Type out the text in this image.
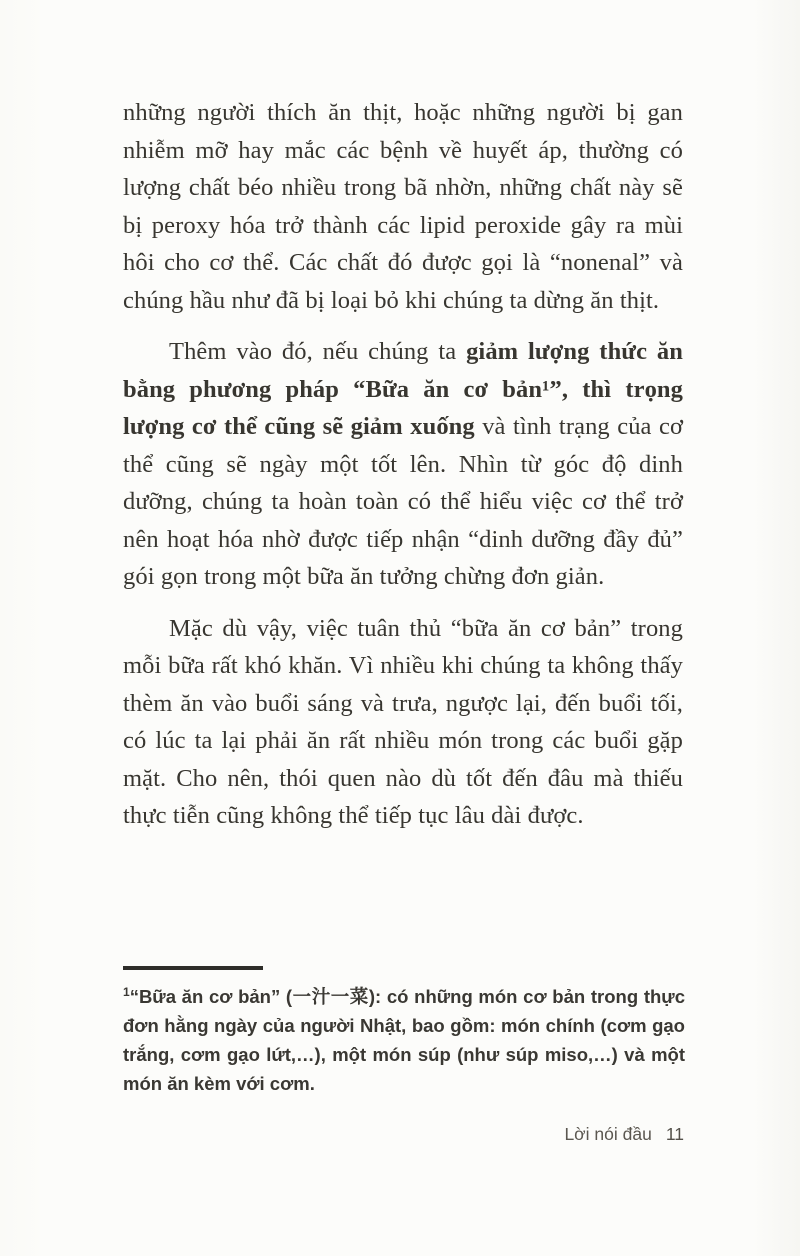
những người thích ăn thịt, hoặc những người bị gan nhiễm mỡ hay mắc các bệnh về huyết áp, thường có lượng chất béo nhiều trong bã nhờn, những chất này sẽ bị peroxy hóa trở thành các lipid peroxide gây ra mùi hôi cho cơ thể. Các chất đó được gọi là “nonenal” và chúng hầu như đã bị loại bỏ khi chúng ta dừng ăn thịt.

Thêm vào đó, nếu chúng ta giảm lượng thức ăn bằng phương pháp “Bữa ăn cơ bản¹”, thì trọng lượng cơ thể cũng sẽ giảm xuống và tình trạng của cơ thể cũng sẽ ngày một tốt lên. Nhìn từ góc độ dinh dưỡng, chúng ta hoàn toàn có thể hiểu việc cơ thể trở nên hoạt hóa nhờ được tiếp nhận “dinh dưỡng đầy đủ” gói gọn trong một bữa ăn tưởng chừng đơn giản.

Mặc dù vậy, việc tuân thủ “bữa ăn cơ bản” trong mỗi bữa rất khó khăn. Vì nhiều khi chúng ta không thấy thèm ăn vào buổi sáng và trưa, ngược lại, đến buổi tối, có lúc ta lại phải ăn rất nhiều món trong các buổi gặp mặt. Cho nên, thói quen nào dù tốt đến đâu mà thiếu thực tiễn cũng không thể tiếp tục lâu dài được.

$^1$“Bữa ăn cơ bản” (一汁一菜): có những món cơ bản trong thực đơn hằng ngày của người Nhật, bao gồm: món chính (cơm gạo trắng, cơm gạo lứt,…), một món súp (như súp miso,…) và một món ăn kèm với cơm.

Lời nói đầu 11
